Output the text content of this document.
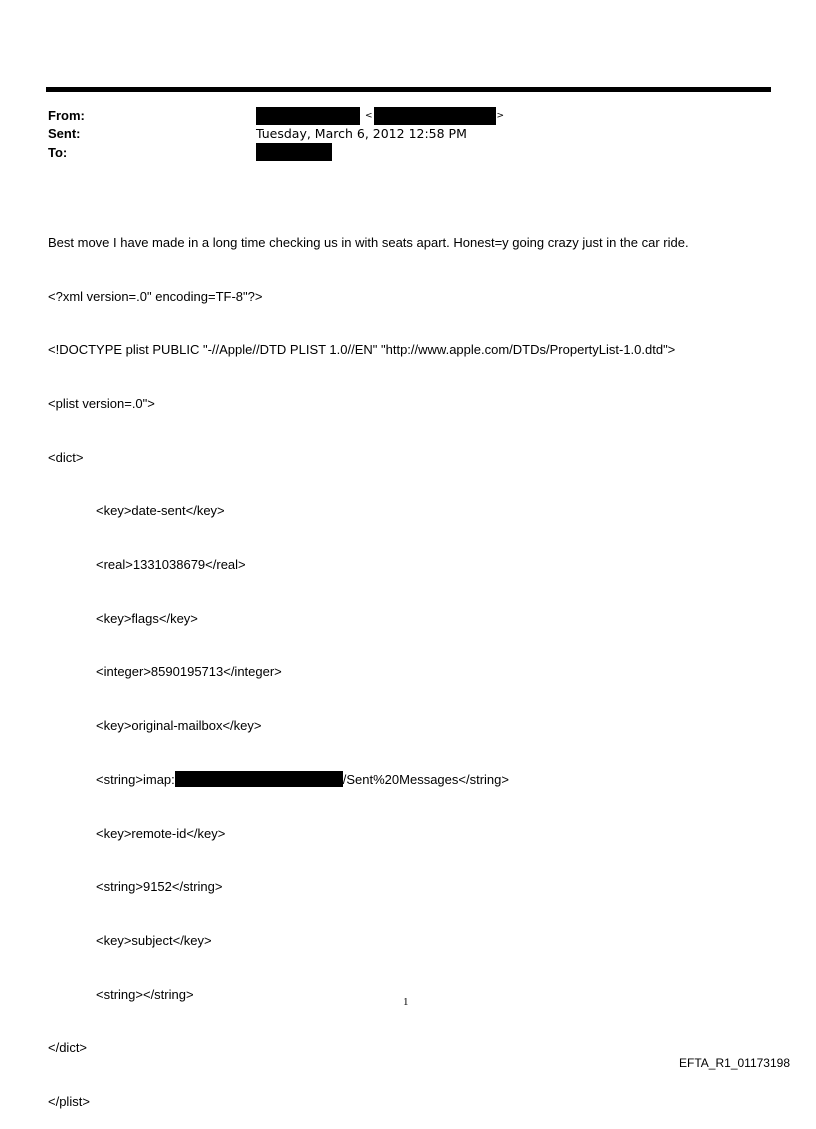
From:
Sent:
To:
<	>
Tuesday, March 6, 2012 12:58 PM

Best move I have made in a long time checking us in with seats apart. Honest=y going crazy just in the car ride.

<?xml version=.0" encoding=TF-8"?>

<!DOCTYPE plist PUBLIC "-//Apple//DTD PLIST 1.0//EN" "http://www.apple.com/DTDs/PropertyList-1.0.dtd">

<plist version=.0">

<dict>

<key>date-sent</key>

<real>1331038679</real>

<key>flags</key>

<integer>8590195713</integer>

<key>original-mailbox</key>

<string>imap:	/Sent%20Messages</string>

<key>remote-id</key>

<string>9152</string>

<key>subject</key>

<string></string>

</dict>

</plist>

1
EFTA_R1_01173198
